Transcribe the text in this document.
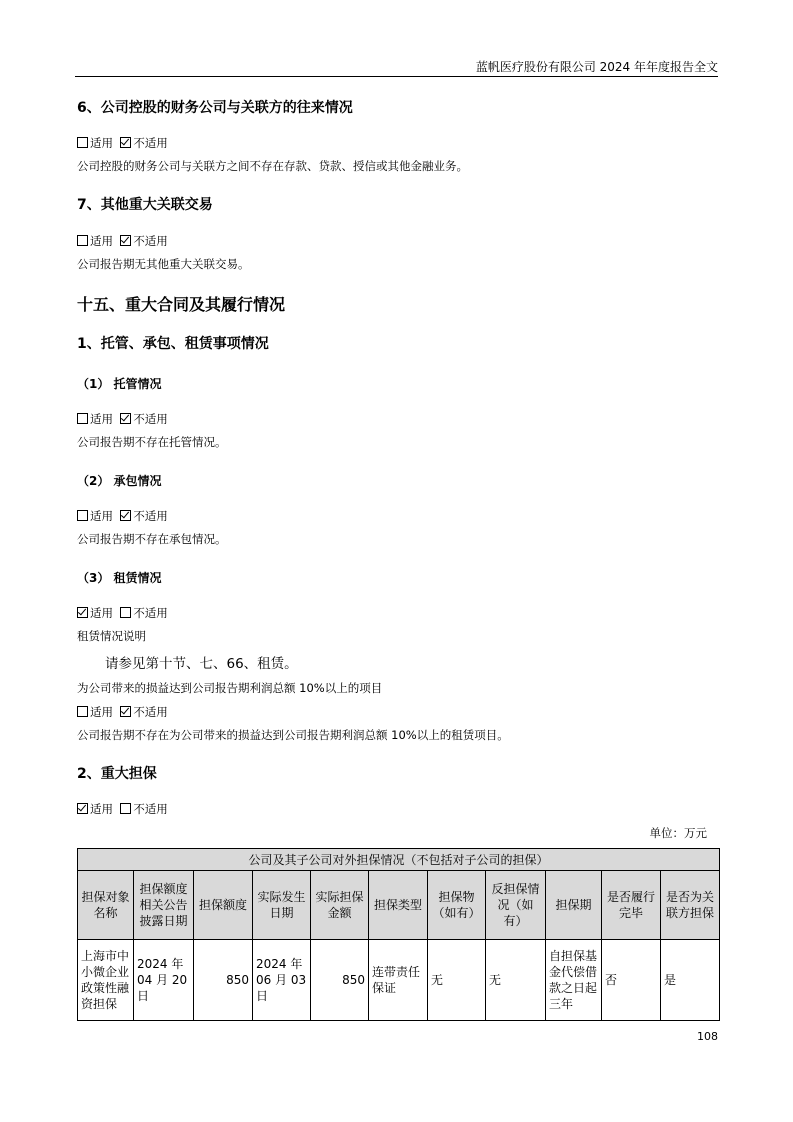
蓝帆医疗股份有限公司 2024 年年度报告全文
6、公司控股的财务公司与关联方的往来情况
适用 不适用
公司控股的财务公司与关联方之间不存在存款、贷款、授信或其他金融业务。
7、其他重大关联交易
适用 不适用
公司报告期无其他重大关联交易。
十五、重大合同及其履行情况
1、托管、承包、租赁事项情况
（1） 托管情况
适用 不适用
公司报告期不存在托管情况。
（2） 承包情况
适用 不适用
公司报告期不存在承包情况。
（3） 租赁情况
适用 不适用
租赁情况说明
请参见第十节、七、66、租赁。
为公司带来的损益达到公司报告期利润总额 10%以上的项目
适用 不适用
公司报告期不存在为公司带来的损益达到公司报告期利润总额 10%以上的租赁项目。
2、重大担保
适用 不适用
单位：万元
公司及其子公司对外担保情况（不包括对子公司的担保）										
担保对象名称	担保额度相关公告披露日期	担保额度	实际发生日期	实际担保金额	担保类型	担保物（如有）	反担保情况（如有）	担保期	是否履行完毕	是否为关联方担保
上海市中小微企业政策性融资担保	2024 年 04 月 20 日	850	2024 年 06 月 03 日	850	连带责任保证	无	无	自担保基金代偿借款之日起三年	否	是
108
